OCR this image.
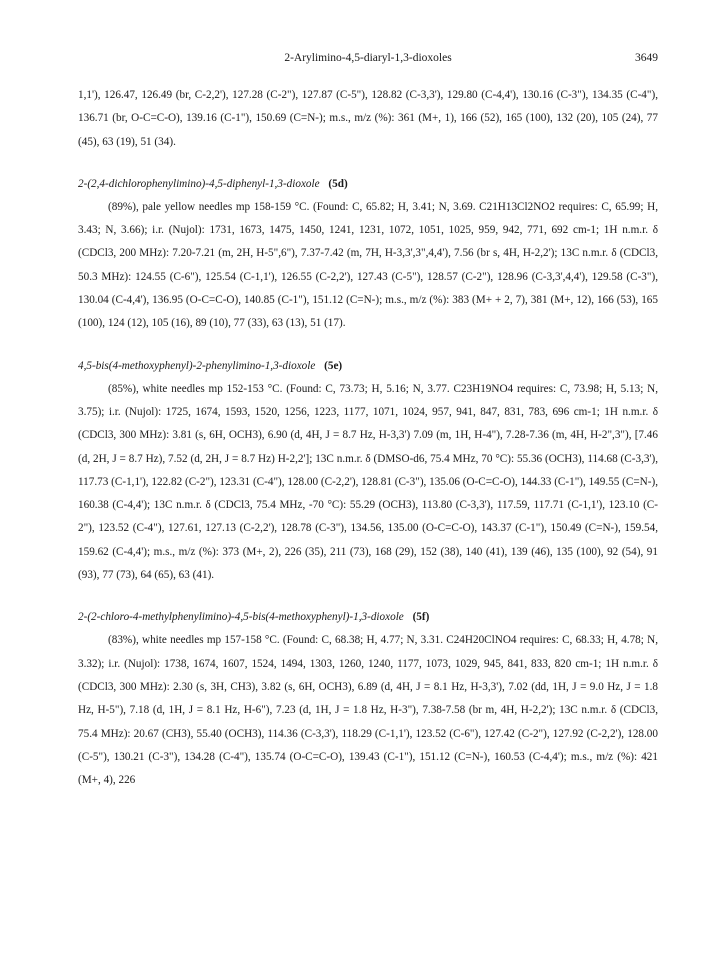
2-Arylimino-4,5-diaryl-1,3-dioxoles	3649

1,1'), 126.47, 126.49 (br, C-2,2'), 127.28 (C-2"), 127.87 (C-5"), 128.82 (C-3,3'), 129.80 (C-4,4'), 130.16 (C-3"), 134.35 (C-4"), 136.71 (br, O-C=C-O), 139.16 (C-1"), 150.69 (C=N-); m.s., m/z (%): 361 (M+, 1), 166 (52), 165 (100), 132 (20), 105 (24), 77 (45), 63 (19), 51 (34).

2-(2,4-dichlorophenylimino)-4,5-diphenyl-1,3-dioxole (5d)

(89%), pale yellow needles mp 158-159 °C. (Found: C, 65.82; H, 3.41; N, 3.69. C21H13Cl2NO2 requires: C, 65.99; H, 3.43; N, 3.66); i.r. (Nujol): 1731, 1673, 1475, 1450, 1241, 1231, 1072, 1051, 1025, 959, 942, 771, 692 cm-1; 1H n.m.r. δ (CDCl3, 200 MHz): 7.20-7.21 (m, 2H, H-5",6"), 7.37-7.42 (m, 7H, H-3,3',3",4,4'), 7.56 (br s, 4H, H-2,2'); 13C n.m.r. δ (CDCl3, 50.3 MHz): 124.55 (C-6"), 125.54 (C-1,1'), 126.55 (C-2,2'), 127.43 (C-5"), 128.57 (C-2"), 128.96 (C-3,3',4,4'), 129.58 (C-3"), 130.04 (C-4,4'), 136.95 (O-C=C-O), 140.85 (C-1"), 151.12 (C=N-); m.s., m/z (%): 383 (M+ + 2, 7), 381 (M+, 12), 166 (53), 165 (100), 124 (12), 105 (16), 89 (10), 77 (33), 63 (13), 51 (17).

4,5-bis(4-methoxyphenyl)-2-phenylimino-1,3-dioxole (5e)

(85%), white needles mp 152-153 °C. (Found: C, 73.73; H, 5.16; N, 3.77. C23H19NO4 requires: C, 73.98; H, 5.13; N, 3.75); i.r. (Nujol): 1725, 1674, 1593, 1520, 1256, 1223, 1177, 1071, 1024, 957, 941, 847, 831, 783, 696 cm-1; 1H n.m.r. δ (CDCl3, 300 MHz): 3.81 (s, 6H, OCH3), 6.90 (d, 4H, J = 8.7 Hz, H-3,3') 7.09 (m, 1H, H-4"), 7.28-7.36 (m, 4H, H-2",3"), [7.46 (d, 2H, J = 8.7 Hz), 7.52 (d, 2H, J = 8.7 Hz) H-2,2']; 13C n.m.r. δ (DMSO-d6, 75.4 MHz, 70 °C): 55.36 (OCH3), 114.68 (C-3,3'), 117.73 (C-1,1'), 122.82 (C-2"), 123.31 (C-4"), 128.00 (C-2,2'), 128.81 (C-3"), 135.06 (O-C=C-O), 144.33 (C-1"), 149.55 (C=N-), 160.38 (C-4,4'); 13C n.m.r. δ (CDCl3, 75.4 MHz, -70 °C): 55.29 (OCH3), 113.80 (C-3,3'), 117.59, 117.71 (C-1,1'), 123.10 (C-2"), 123.52 (C-4"), 127.61, 127.13 (C-2,2'), 128.78 (C-3"), 134.56, 135.00 (O-C=C-O), 143.37 (C-1"), 150.49 (C=N-), 159.54, 159.62 (C-4,4'); m.s., m/z (%): 373 (M+, 2), 226 (35), 211 (73), 168 (29), 152 (38), 140 (41), 139 (46), 135 (100), 92 (54), 91 (93), 77 (73), 64 (65), 63 (41).

2-(2-chloro-4-methylphenylimino)-4,5-bis(4-methoxyphenyl)-1,3-dioxole (5f)

(83%), white needles mp 157-158 °C. (Found: C, 68.38; H, 4.77; N, 3.31. C24H20ClNO4 requires: C, 68.33; H, 4.78; N, 3.32); i.r. (Nujol): 1738, 1674, 1607, 1524, 1494, 1303, 1260, 1240, 1177, 1073, 1029, 945, 841, 833, 820 cm-1; 1H n.m.r. δ (CDCl3, 300 MHz): 2.30 (s, 3H, CH3), 3.82 (s, 6H, OCH3), 6.89 (d, 4H, J = 8.1 Hz, H-3,3'), 7.02 (dd, 1H, J = 9.0 Hz, J = 1.8 Hz, H-5"), 7.18 (d, 1H, J = 8.1 Hz, H-6"), 7.23 (d, 1H, J = 1.8 Hz, H-3"), 7.38-7.58 (br m, 4H, H-2,2'); 13C n.m.r. δ (CDCl3, 75.4 MHz): 20.67 (CH3), 55.40 (OCH3), 114.36 (C-3,3'), 118.29 (C-1,1'), 123.52 (C-6"), 127.42 (C-2"), 127.92 (C-2,2'), 128.00 (C-5"), 130.21 (C-3"), 134.28 (C-4"), 135.74 (O-C=C-O), 139.43 (C-1"), 151.12 (C=N-), 160.53 (C-4,4'); m.s., m/z (%): 421 (M+, 4), 226
